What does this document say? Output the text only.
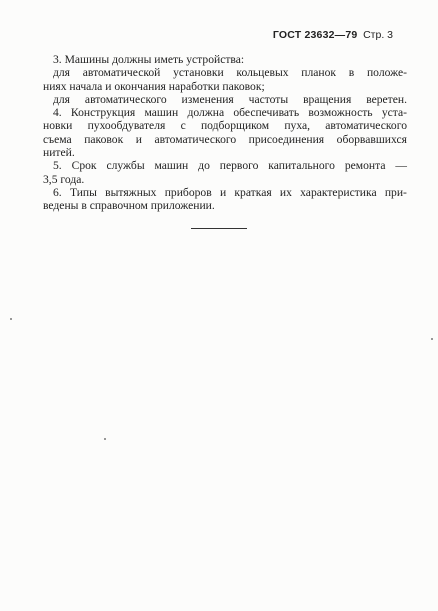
ГОСТ 23632—79 Стр. 3
3. Машины должны иметь устройства:
для автоматической установки кольцевых планок в положе-
ниях начала и окончания наработки паковок;
для автоматического изменения частоты вращения веретен.
4. Конструкция машин должна обеспечивать возможность уста-
новки пухообдувателя с подборщиком пуха, автоматического
съема паковок и автоматического присоединения оборвавшихся
нитей.
5. Срок службы машин до первого капитального ремонта —
3,5 года.
6. Типы вытяжных приборов и краткая их характеристика при-
ведены в справочном приложении.
